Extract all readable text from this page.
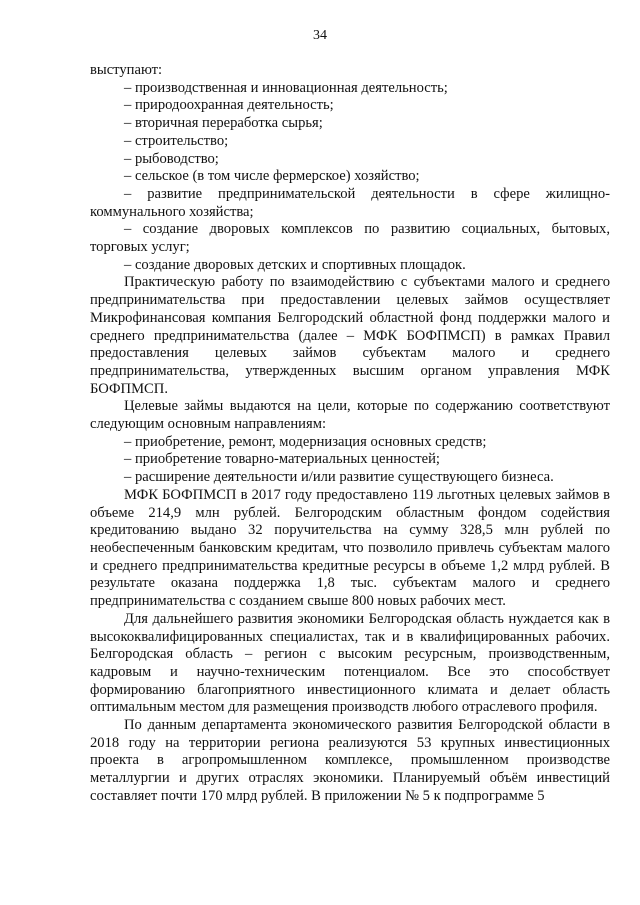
34

выступают:

– производственная и инновационная деятельность;

– природоохранная деятельность;

– вторичная переработка сырья;

– строительство;

– рыбоводство;

– сельское (в том числе фермерское) хозяйство;

– развитие предпринимательской деятельности в сфере жилищно-коммунального хозяйства;

– создание дворовых комплексов по развитию социальных, бытовых, торговых услуг;

– создание дворовых детских и спортивных площадок.

Практическую работу по взаимодействию с субъектами малого и среднего предпринимательства при предоставлении целевых займов осуществляет Микрофинансовая компания Белгородский областной фонд поддержки малого и среднего предпринимательства (далее – МФК БОФПМСП) в рамках Правил предоставления целевых займов субъектам малого и среднего предпринимательства, утвержденных высшим органом управления МФК БОФПМСП.

Целевые займы выдаются на цели, которые по содержанию соответствуют следующим основным направлениям:

– приобретение, ремонт, модернизация основных средств;

– приобретение товарно-материальных ценностей;

– расширение деятельности и/или развитие существующего бизнеса.

МФК БОФПМСП в 2017 году предоставлено 119 льготных целевых займов в объеме 214,9 млн рублей. Белгородским областным фондом содействия кредитованию выдано 32 поручительства на сумму 328,5 млн рублей по необеспеченным банковским кредитам, что позволило привлечь субъектам малого и среднего предпринимательства кредитные ресурсы в объеме 1,2 млрд рублей. В результате оказана поддержка 1,8 тыс. субъектам малого и среднего предпринимательства с созданием свыше 800 новых рабочих мест.

Для дальнейшего развития экономики Белгородская область нуждается как в высококвалифицированных специалистах, так и в квалифицированных рабочих. Белгородская область – регион с высоким ресурсным, производственным, кадровым и научно-техническим потенциалом. Все это способствует формированию благоприятного инвестиционного климата и делает область оптимальным местом для размещения производств любого отраслевого профиля.

По данным департамента экономического развития Белгородской области в 2018 году на территории региона реализуются 53 крупных инвестиционных проекта в агропромышленном комплексе, промышленном производстве металлургии и других отраслях экономики. Планируемый объём инвестиций составляет почти 170 млрд рублей. В приложении № 5 к подпрограмме 5
